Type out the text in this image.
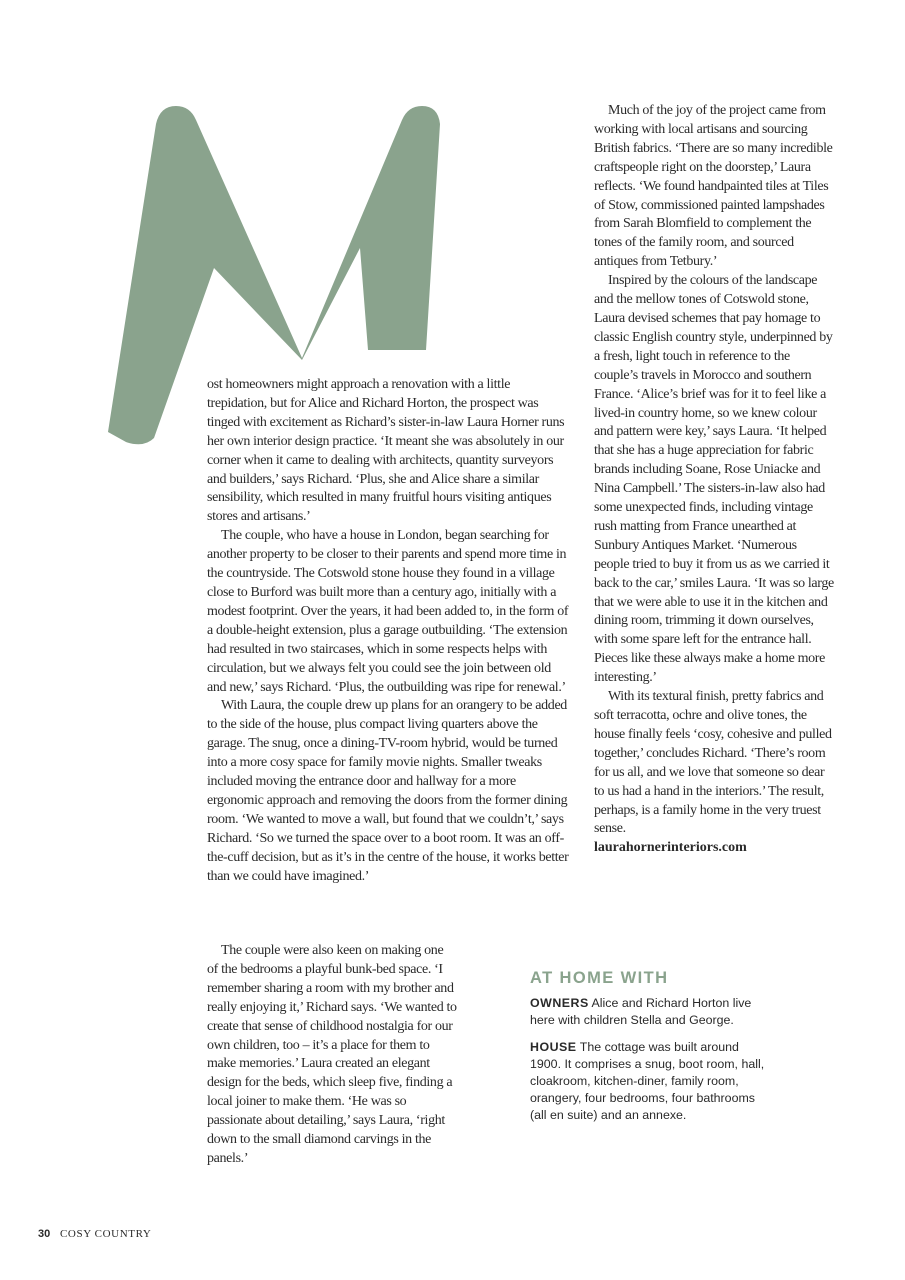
ost homeowners might approach a renovation with a little trepidation, but for Alice and Richard Horton, the prospect was tinged with excitement as Richard’s sister-in-law Laura Horner runs her own interior design practice. ‘It meant she was absolutely in our corner when it came to dealing with architects, quantity surveyors and builders,’ says Richard. ‘Plus, she and Alice share a similar sensibility, which resulted in many fruitful hours visiting antiques stores and artisans.’

The couple, who have a house in London, began searching for another property to be closer to their parents and spend more time in the countryside. The Cotswold stone house they found in a village close to Burford was built more than a century ago, initially with a modest footprint. Over the years, it had been added to, in the form of a double-height extension, plus a garage outbuilding. ‘The extension had resulted in two staircases, which in some respects helps with circulation, but we always felt you could see the join between old and new,’ says Richard. ‘Plus, the outbuilding was ripe for renewal.’

With Laura, the couple drew up plans for an orangery to be added to the side of the house, plus compact living quarters above the garage. The snug, once a dining-TV-room hybrid, would be turned into a more cosy space for family movie nights. Smaller tweaks included moving the entrance door and hallway for a more ergonomic approach and removing the doors from the former dining room. ‘We wanted to move a wall, but found that we couldn’t,’ says Richard. ‘So we turned the space over to a boot room. It was an off-the-cuff decision, but as it’s in the centre of the house, it works better than we could have imagined.’

The couple were also keen on making one of the bedrooms a playful bunk-bed space. ‘I remember sharing a room with my brother and really enjoying it,’ Richard says. ‘We wanted to create that sense of childhood nostalgia for our own children, too – it’s a place for them to make memories.’ Laura created an elegant design for the beds, which sleep five, finding a local joiner to make them. ‘He was so passionate about detailing,’ says Laura, ‘right down to the small diamond carvings in the panels.’

Much of the joy of the project came from working with local artisans and sourcing British fabrics. ‘There are so many incredible craftspeople right on the doorstep,’ Laura reflects. ‘We found handpainted tiles at Tiles of Stow, commissioned painted lampshades from Sarah Blomfield to complement the tones of the family room, and sourced antiques from Tetbury.’

Inspired by the colours of the landscape and the mellow tones of Cotswold stone, Laura devised schemes that pay homage to classic English country style, underpinned by a fresh, light touch in reference to the couple’s travels in Morocco and southern France. ‘Alice’s brief was for it to feel like a lived-in country home, so we knew colour and pattern were key,’ says Laura. ‘It helped that she has a huge appreciation for fabric brands including Soane, Rose Uniacke and Nina Campbell.’ The sisters-in-law also had some unexpected finds, including vintage rush matting from France unearthed at Sunbury Antiques Market. ‘Numerous people tried to buy it from us as we carried it back to the car,’ smiles Laura. ‘It was so large that we were able to use it in the kitchen and dining room, trimming it down ourselves, with some spare left for the entrance hall. Pieces like these always make a home more interesting.’

With its textural finish, pretty fabrics and soft terracotta, ochre and olive tones, the house finally feels ‘cosy, cohesive and pulled together,’ concludes Richard. ‘There’s room for us all, and we love that someone so dear to us had a hand in the interiors.’ The result, perhaps, is a family home in the very truest sense.

laurahornerinteriors.com

AT HOME WITH

OWNERS Alice and Richard Horton live here with children Stella and George.

HOUSE The cottage was built around 1900. It comprises a snug, boot room, hall, cloakroom, kitchen-diner, family room, orangery, four bedrooms, four bathrooms (all en suite) and an annexe.

30 COSY COUNTRY
